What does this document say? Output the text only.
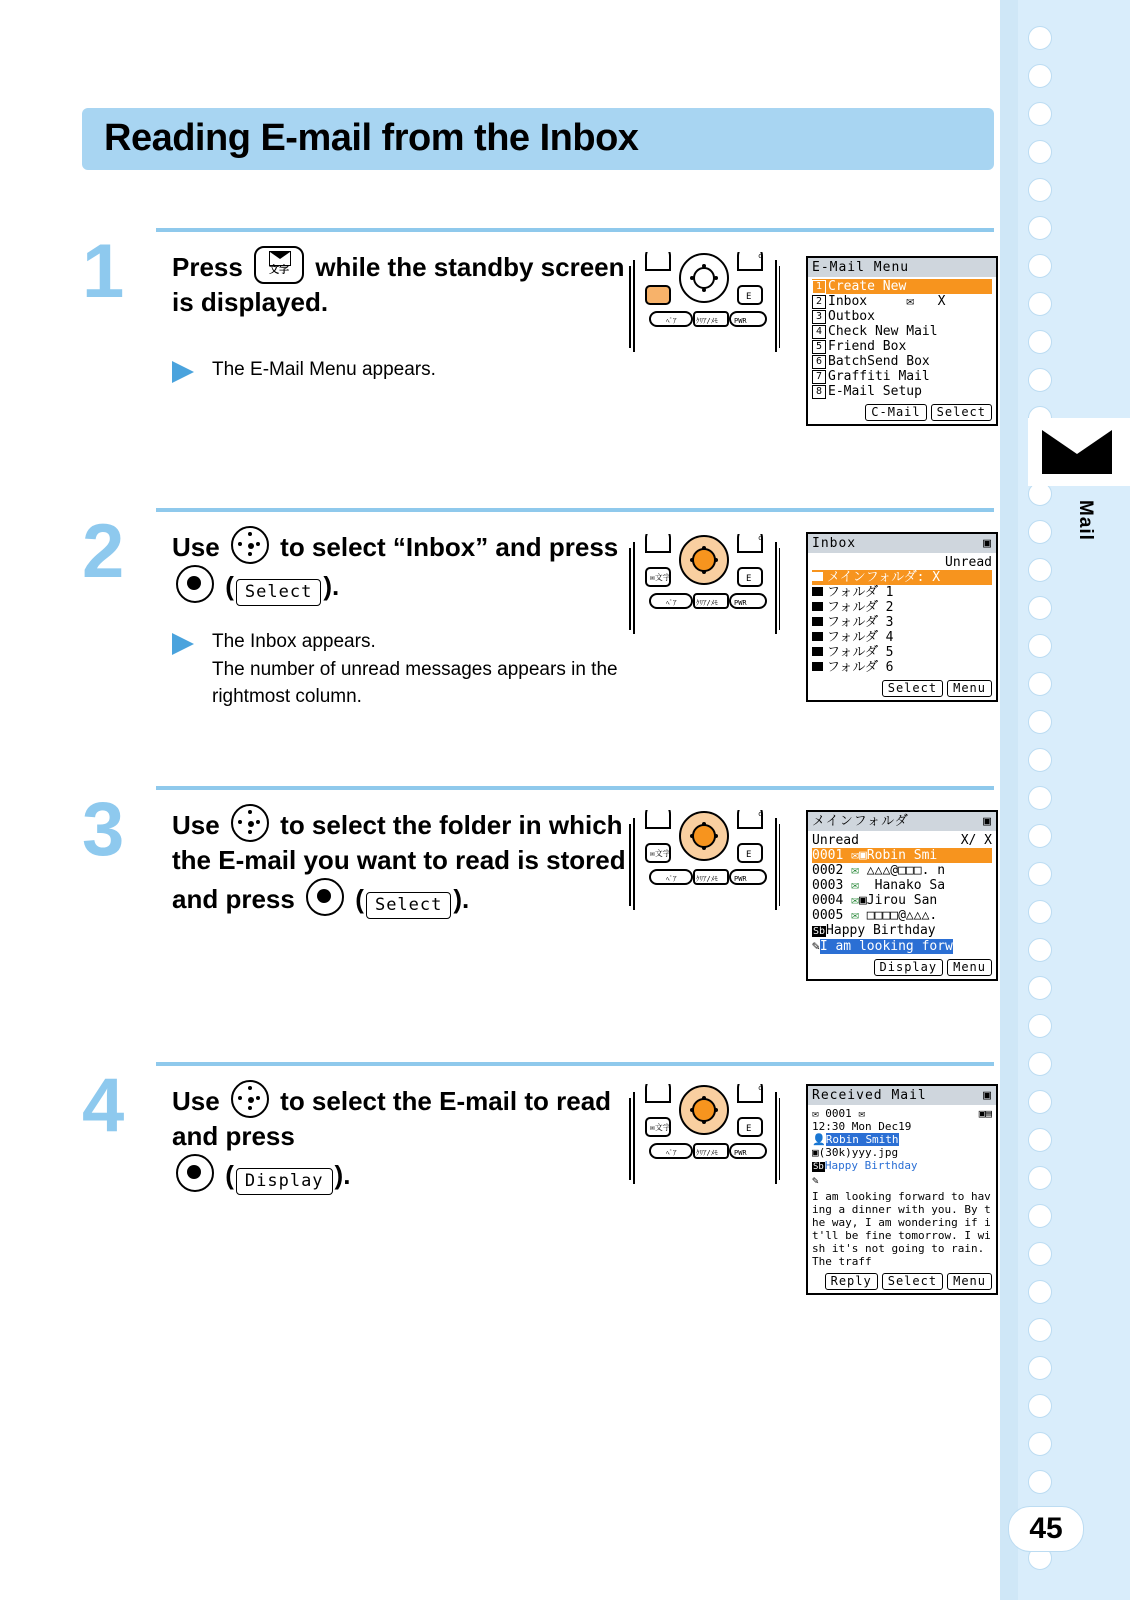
Mail
45
Reading E-mail from the Inbox
1 Press	文字	while the standby screen is displayed.
The E-Mail Menu appears.
c
E
ﾍﾟｱ	ｸﾘｱ/ﾒﾓ PWR
E-Mail Menu
1 Create New
2 Inbox     ✉   X
3 Outbox
4 Check New Mail
5 Friend Box
6 BatchSend Box
7 Graffiti Mail
8 E-Mail Setup
C-Mail	Select
2 Use to select “Inbox” and press
( Select ).
The Inbox appears.
The number of unread messages appears in the
rightmost column.
c
✉文字	E
ﾍﾟｱ	ｸﾘｱ/ﾒﾓ PWR
Inbox	▣
Unread
メインフォルダ゙: X
フォルダ゙ 1
フォルダ゙ 2
フォルダ゙ 3
フォルダ゙ 4
フォルダ゙ 5
フォルダ゙ 6
Select	Menu
3 Use to select the folder in which the E-mail you want to read is stored and press
( Select ).
c
✉文字	E
ﾍﾟｱ	ｸﾘｱ/ﾒﾓ PWR
メインフォルダ゙	▣
Unread	X/ X
0001 ✉▣Robin Smi
0002 ✉ △△△@□□□. n
0003 ✉ Hanako Sa
0004 ✉▣Jirou San
0005 ✉ □□□□@△△△.
SbHappy Birthday
✎I am looking forw
Display	Menu
4 Use to select the E-mail to read and press

( Display ).
c
✉文字	E
ﾍﾟｱ	ｸﾘｱ/ﾒﾓ PWR
Received Mail	▣
✉ 0001 ✉	▣▤
12:30 Mon Dec19
👤Robin Smith
▣(30k)yyy.jpg
SbHappy Birthday
✎
I am looking forward to having a dinner with you. By the way, I am wondering if it'll be fine tomorrow. I wish it's not going to rain. The traff
Reply	Select	Menu
